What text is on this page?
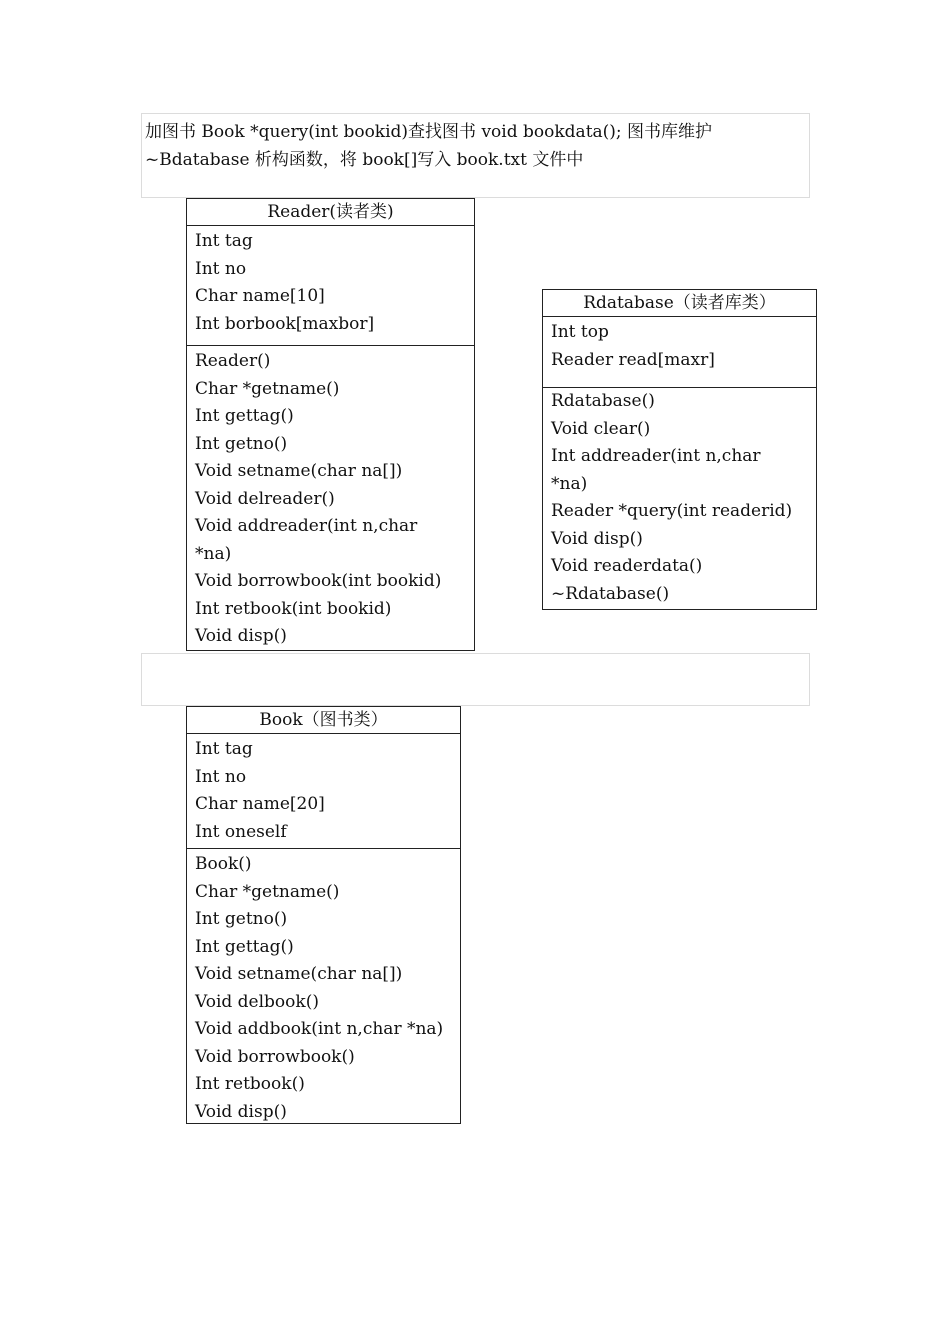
加图书 Book *query(int bookid)查找图书 void bookdata(); 图书库维护
~Bdatabase 析构函数，将 book[]写入 book.txt 文件中
Reader(读者类)
Int tag
Int no
Char name[10]
Int borbook[maxbor]
Reader()
Char *getname()
Int gettag()
Int getno()
Void setname(char na[])
Void delreader()
Void addreader(int n,char
*na)
Void borrowbook(int bookid)
Int retbook(int bookid)
Void disp()
Rdatabase（读者库类）
Int top
Reader read[maxr]
Rdatabase()
Void clear()
Int addreader(int n,char
*na)
Reader *query(int readerid)
Void disp()
Void readerdata()
~Rdatabase()
Book（图书类）
Int tag
Int no
Char name[20]
Int oneself
Book()
Char *getname()
Int getno()
Int gettag()
Void setname(char na[])
Void delbook()
Void addbook(int n,char *na)
Void borrowbook()
Int retbook()
Void disp()
